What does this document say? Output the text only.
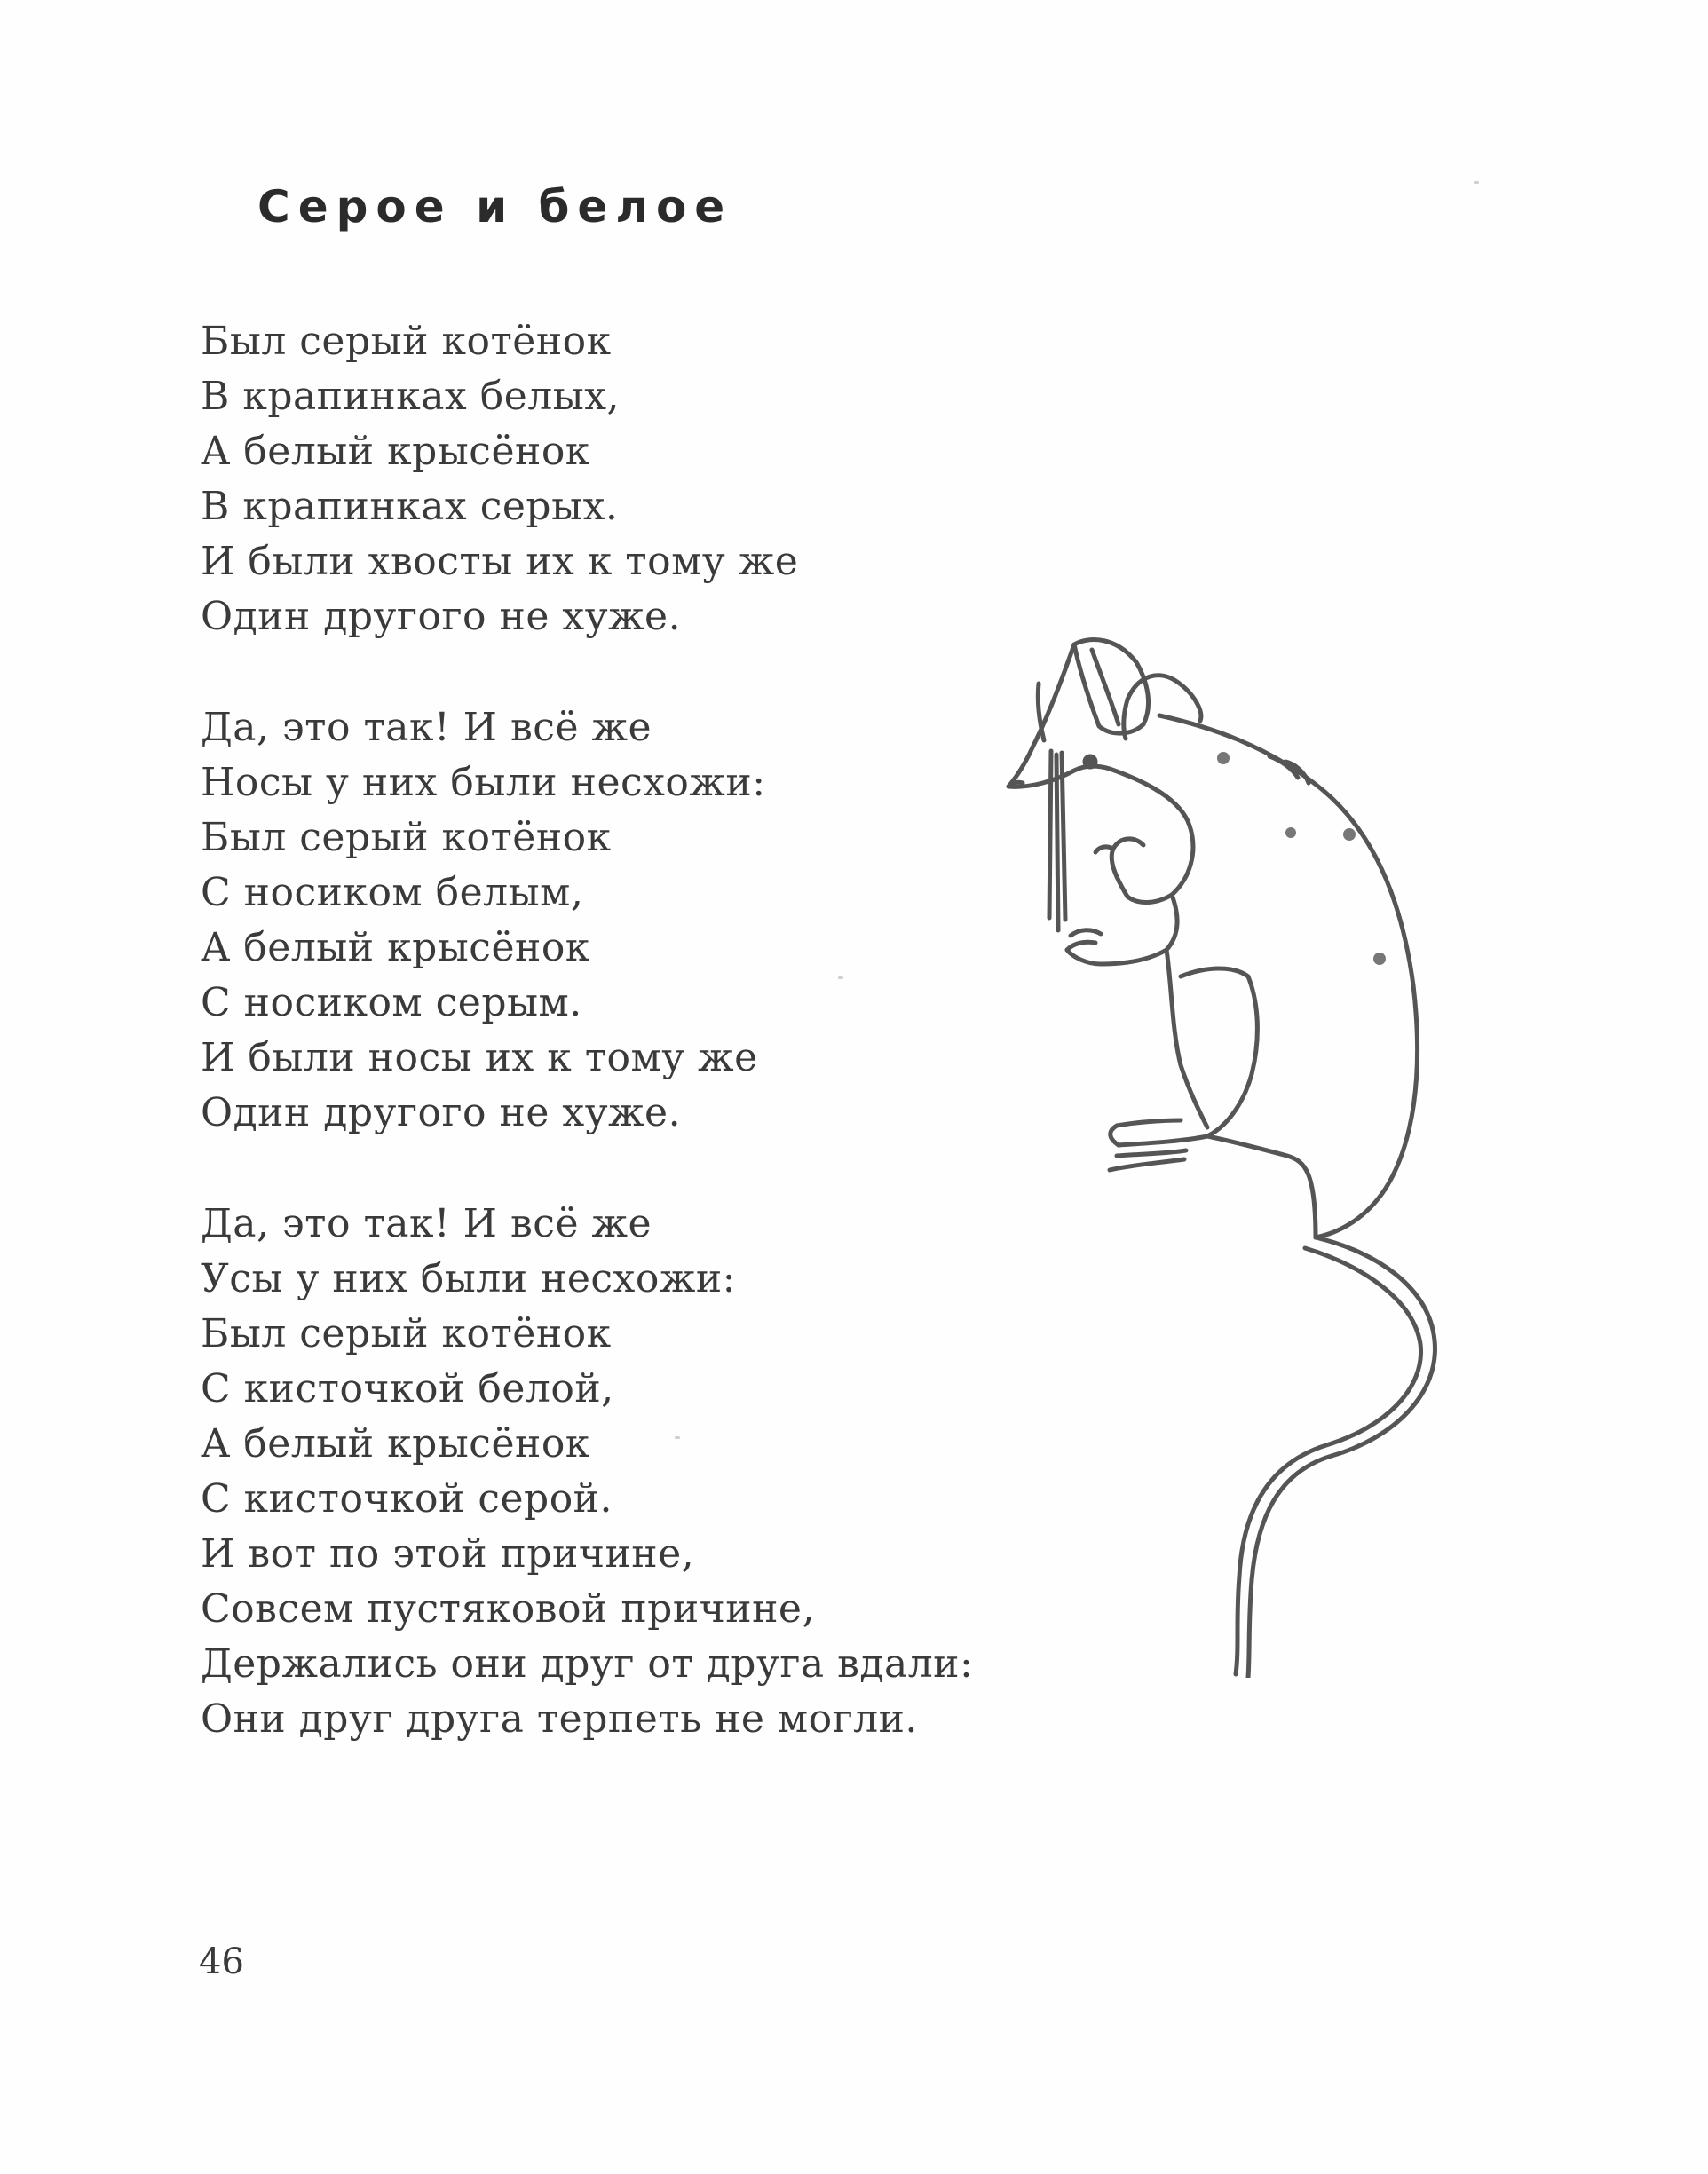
Серое и белое
Был серый котёнок
В крапинках белых,
А белый крысёнок
В крапинках серых.
И были хвосты их к тому же
Один другого не хуже.
Да, это так! И всё же
Носы у них были несхожи:
Был серый котёнок
С носиком белым,
А белый крысёнок
С носиком серым.
И были носы их к тому же
Один другого не хуже.
Да, это так! И всё же
Усы у них были несхожи:
Был серый котёнок
С кисточкой белой,
А белый крысёнок
С кисточкой серой.
И вот по этой причине,
Совсем пустяковой причине,
Держались они друг от друга вдали:
Они друг друга терпеть не могли.
46
